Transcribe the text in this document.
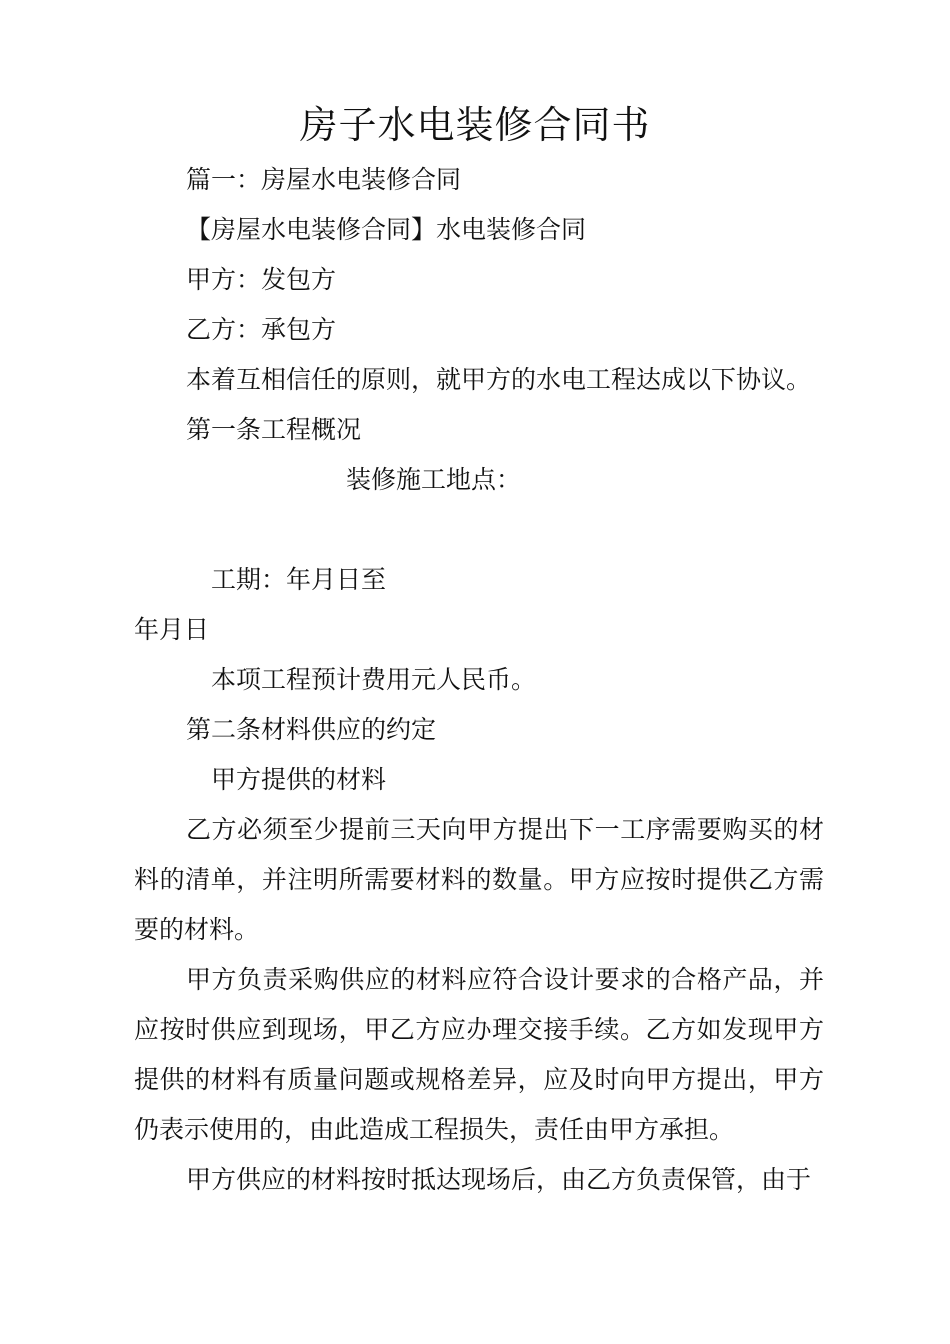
房子水电装修合同书
篇一：房屋水电装修合同
【房屋水电装修合同】水电装修合同
甲方：发包方
乙方：承包方
本着互相信任的原则，就甲方的水电工程达成以下协议。
第一条工程概况
装修施工地点：
工期：年月日至
年月日
本项工程预计费用元人民币。
第二条材料供应的约定
甲方提供的材料
乙方必须至少提前三天向甲方提出下一工序需要购买的材料的清单，并注明所需要材料的数量。甲方应按时提供乙方需要的材料。
甲方负责采购供应的材料应符合设计要求的合格产品，并应按时供应到现场，甲乙方应办理交接手续。乙方如发现甲方提供的材料有质量问题或规格差异，应及时向甲方提出，甲方仍表示使用的，由此造成工程损失，责任由甲方承担。
甲方供应的材料按时抵达现场后，由乙方负责保管，由于
